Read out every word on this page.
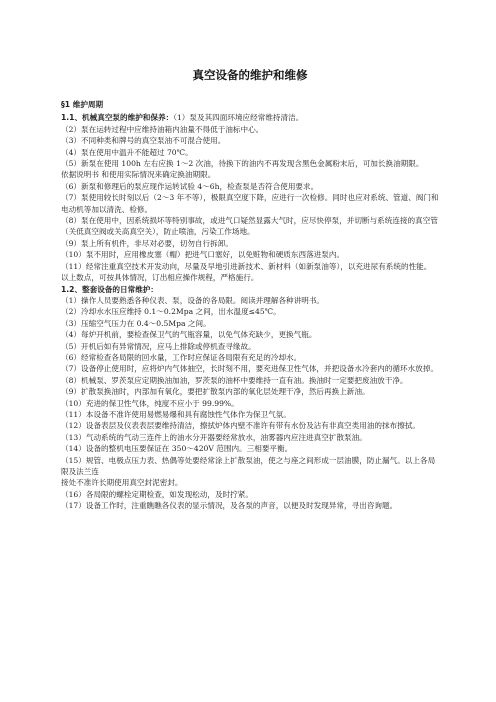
真空设备的维护和维修
§1 维护周期

1.1、机械真空泵的维护和保养：（1）泵及其四面环境应经常维持清洁。

（2）泵在运转过程中应维持油箱内油量不得低于油标中心。

（3）不同种类和牌号的真空泵油不可混合使用。

（4）泵在使用中温升不能超过 70℃。

（5）新泵在使用 100h 左右应换 1～2 次油，待换下的油内不再发现含黑色金属粉末后，可加长换油期限。

依据说明书 和使用实际情况来确定换油期限。

（6）新泵和修理后的泵应现作运转试验 4～6h，检查泵是否符合使用要求。

（7）泵使用较长时刻以后（2～3 年不等），极限真空度下降，应进行一次检修。同时也应对系统、管道、阀门和电动机等加以清洗、检修。

（8）泵在使用中，因系统损坏等特别事故，或进气口疑然显露大气时，应尽快停泵，并切断与系统连接的真空管（关低真空阀或关高真空关），防止喷油，污染工作场地。

（9）泵上所有机件，非尽对必要，切勿自行拆卸。

（10）泵不用时，应用橡皮塞（帽）把进气口塞好，以免赃物和硬质东西落进泵内。

（11）经常注重真空技术开发动向，尽量及早地引进新技术、新材料（如新泵油等），以充进尿有系统的性能。

以上数点，可按具体情况，订出相应操作规程，严格施行。

1.2、整套设备的日常维护：

（1）操作人员要熟悉各种仪表、泵，设备的各局限。阅读并理解各种讲明书。

（2）冷却水水压应维持 0.1～0.2Mpa 之间，出水温度≤45℃。

（3）压缩空气压力在 0.4～0.5Mpa 之间。

（4）每炉开机前，要检查保卫气的气瓶容量，以免气体充缺少，更换气瓶。

（5）开机后如有异常情况，应马上排除或停机查寻缘故。

（6）经常检查各局限的回水量，工作时应保证各局限有充足的冷却水。

（7）设备停止使用时，应将炉内气体抽空，长时刻不用，要充进保卫性气体，并把设备水冷套内的循环水放掉。

（8）机械泵、罗茨泵应定期换油加油，罗茨泵的油杯中要维持一直有油。换油时一定要把废油放干净。

（9）扩散泵换油时，内部加有氧化，要把扩散泵内部的氧化层处理干净，然后再换上新油。

（10）充进的保卫性气体，纯度不应小于 99.99%。

（11）本设备不准许使用易燃易爆和具有腐蚀性气体作为保卫气氛。

（12）设备表层及仪表表层要维持清洁，擦拭炉体内壁不准许有带有水份及沾有非真空类用油的抹布擦拭。

（13）气动系统的气动三连件上的油水分开器要经常放水，油雾器内应注进真空扩散泵油。

（14）设备的整机电压要保证在 350～420V 范围内。三相要平衡。

（15）规管、电极点压力表、热偶等处要经常涂上扩散泵油，使之与座之间形成一层油膜，防止漏气。以上各局限及法兰连

接处不准许长期使用真空封泥密封。

（16）各局限的螺栓定期检查，如发现松动，及时拧紧。

（17）设备工作时，注重瞧瞧各仪表的显示情况，及各泵的声音，以便及时发现异常，寻出咨询题。
